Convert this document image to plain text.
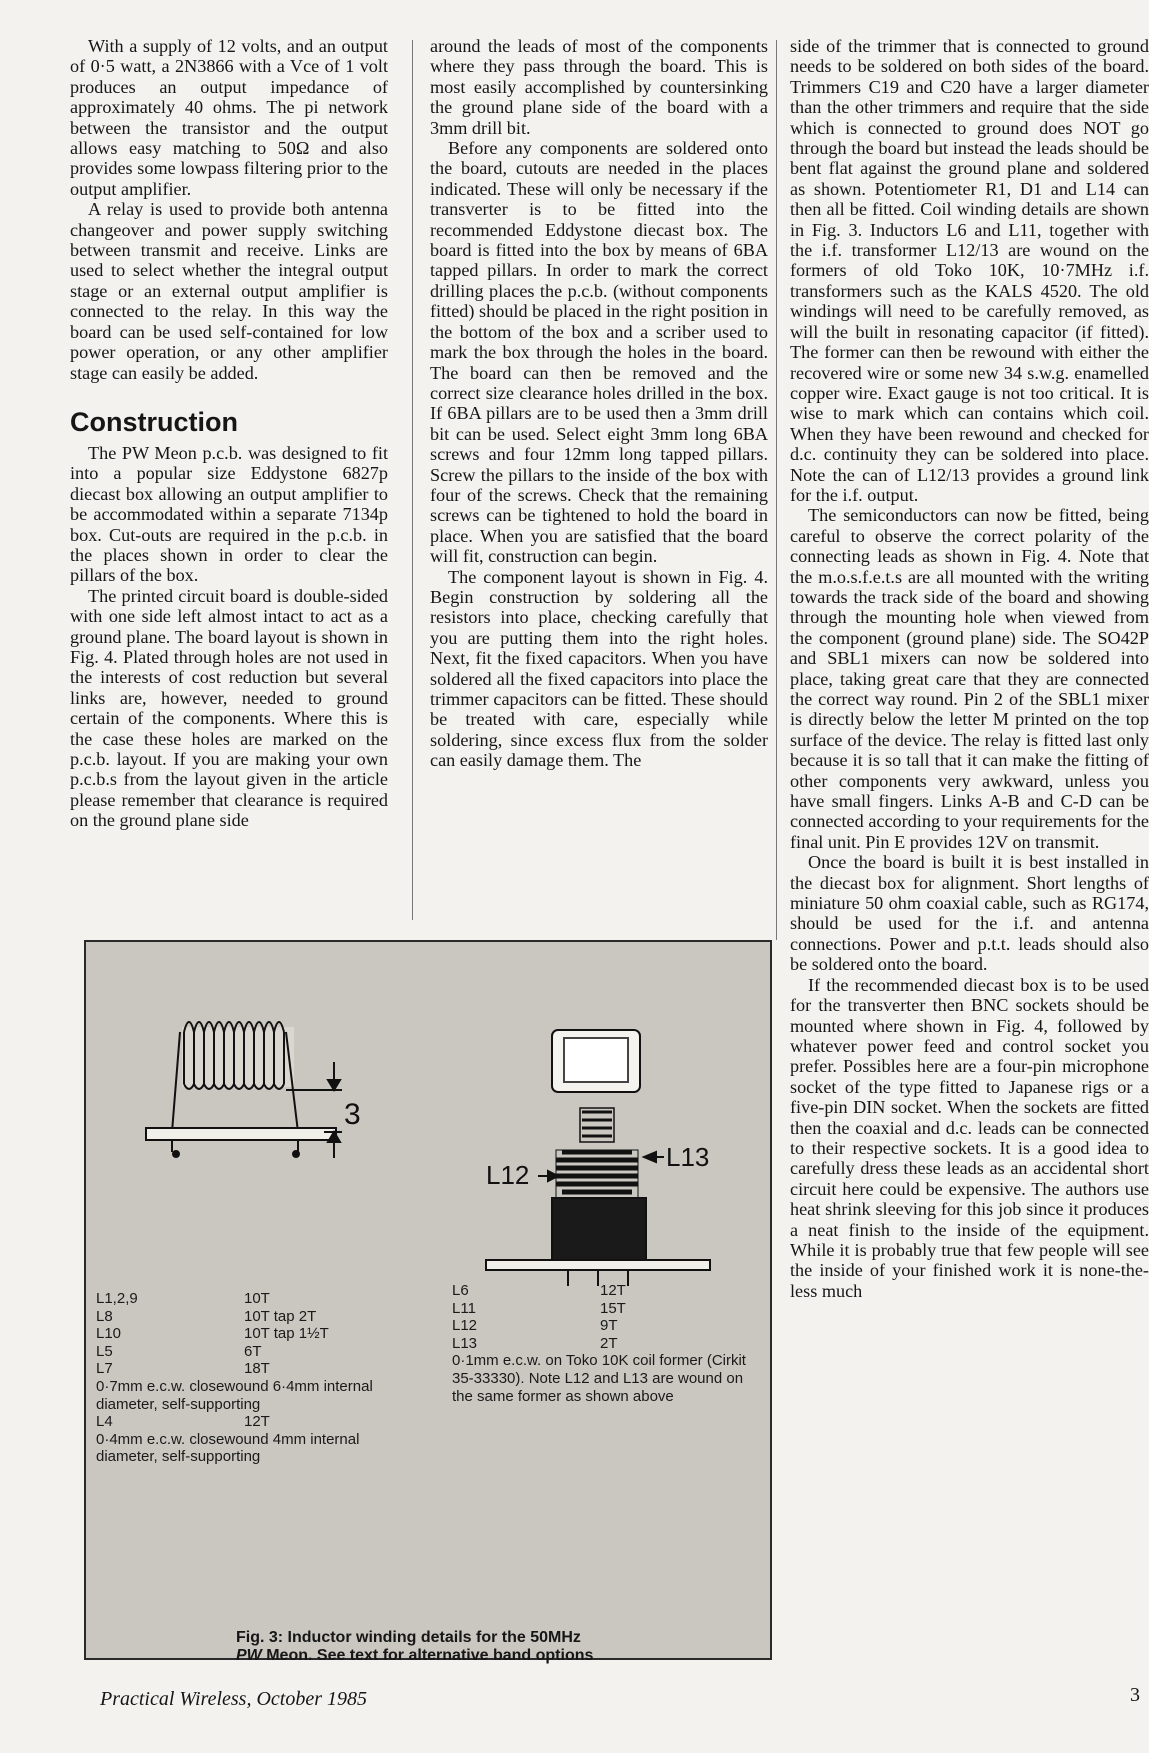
With a supply of 12 volts, and an output of 0·5 watt, a 2N3866 with a Vce of 1 volt produces an output impedance of approximately 40 ohms. The pi network between the transistor and the output allows easy matching to 50Ω and also provides some lowpass filtering prior to the output amplifier.

A relay is used to provide both antenna changeover and power supply switching between transmit and receive. Links are used to select whether the integral output stage or an external output amplifier is connected to the relay. In this way the board can be used self-contained for low power operation, or any other amplifier stage can easily be added.

Construction

The PW Meon p.c.b. was designed to fit into a popular size Eddystone 6827p diecast box allowing an output amplifier to be accommodated within a separate 7134p box. Cut-outs are required in the p.c.b. in the places shown in order to clear the pillars of the box.

The printed circuit board is double-sided with one side left almost intact to act as a ground plane. The board layout is shown in Fig. 4. Plated through holes are not used in the interests of cost reduction but several links are, however, needed to ground certain of the components. Where this is the case these holes are marked on the p.c.b. layout. If you are making your own p.c.b.s from the layout given in the article please remember that clearance is required on the ground plane side

around the leads of most of the components where they pass through the board. This is most easily accomplished by countersinking the ground plane side of the board with a 3mm drill bit.

Before any components are soldered onto the board, cutouts are needed in the places indicated. These will only be necessary if the transverter is to be fitted into the recommended Eddystone diecast box. The board is fitted into the box by means of 6BA tapped pillars. In order to mark the correct drilling places the p.c.b. (without components fitted) should be placed in the right position in the bottom of the box and a scriber used to mark the box through the holes in the board. The board can then be removed and the correct size clearance holes drilled in the box. If 6BA pillars are to be used then a 3mm drill bit can be used. Select eight 3mm long 6BA screws and four 12mm long tapped pillars. Screw the pillars to the inside of the box with four of the screws. Check that the remaining screws can be tightened to hold the board in place. When you are satisfied that the board will fit, construction can begin.

The component layout is shown in Fig. 4. Begin construction by soldering all the resistors into place, checking carefully that you are putting them into the right holes. Next, fit the fixed capacitors. When you have soldered all the fixed capacitors into place the trimmer capacitors can be fitted. These should be treated with care, especially while soldering, since excess flux from the solder can easily damage them. The

side of the trimmer that is connected to ground needs to be soldered on both sides of the board. Trimmers C19 and C20 have a larger diameter than the other trimmers and require that the side which is connected to ground does NOT go through the board but instead the leads should be bent flat against the ground plane and soldered as shown. Potentiometer R1, D1 and L14 can then all be fitted. Coil winding details are shown in Fig. 3. Inductors L6 and L11, together with the i.f. transformer L12/13 are wound on the formers of old Toko 10K, 10·7MHz i.f. transformers such as the KALS 4520. The old windings will need to be carefully removed, as will the built in resonating capacitor (if fitted). The former can then be rewound with either the recovered wire or some new 34 s.w.g. enamelled copper wire. Exact gauge is not too critical. It is wise to mark which can contains which coil. When they have been rewound and checked for d.c. continuity they can be soldered into place. Note the can of L12/13 provides a ground link for the i.f. output.

The semiconductors can now be fitted, being careful to observe the correct polarity of the connecting leads as shown in Fig. 4. Note that the m.o.s.f.e.t.s are all mounted with the writing towards the track side of the board and showing through the mounting hole when viewed from the component (ground plane) side. The SO42P and SBL1 mixers can now be soldered into place, taking great care that they are connected the correct way round. Pin 2 of the SBL1 mixer is directly below the letter M printed on the top surface of the device. The relay is fitted last only because it is so tall that it can make the fitting of other components very awkward, unless you have small fingers. Links A-B and C-D can be connected according to your requirements for the final unit. Pin E provides 12V on transmit.

Once the board is built it is best installed in the diecast box for alignment. Short lengths of miniature 50 ohm coaxial cable, such as RG174, should be used for the i.f. and antenna connections. Power and p.t.t. leads should also be soldered onto the board.

If the recommended diecast box is to be used for the transverter then BNC sockets should be mounted where shown in Fig. 4, followed by whatever power feed and control socket you prefer. Possibles here are a four-pin microphone socket of the type fitted to Japanese rigs or a five-pin DIN socket. When the sockets are fitted then the coaxial and d.c. leads can be connected to their respective sockets. It is a good idea to carefully dress these leads as an accidental short circuit here could be expensive. The authors use heat shrink sleeving for this job since it produces a neat finish to the inside of the equipment. While it is probably true that few people will see the inside of your finished work it is none-the-less much

3
L12
L13
L1,2,9	10T
L8	10T tap 2T
L10	10T tap 1½T
L5	6T
L7	18T
0·7mm e.c.w. closewound 6·4mm internal diameter, self-supporting
L4	12T
0·4mm e.c.w. closewound 4mm internal diameter, self-supporting
L6	12T
L11	15T
L12	9T
L13	2T
0·1mm e.c.w. on Toko 10K coil former (Cirkit 35-33330). Note L12 and L13 are wound on the same former as shown above
Fig. 3: Inductor winding details for the 50MHz
PW Meon. See text for alternative band options
Practical Wireless, October 1985	3
